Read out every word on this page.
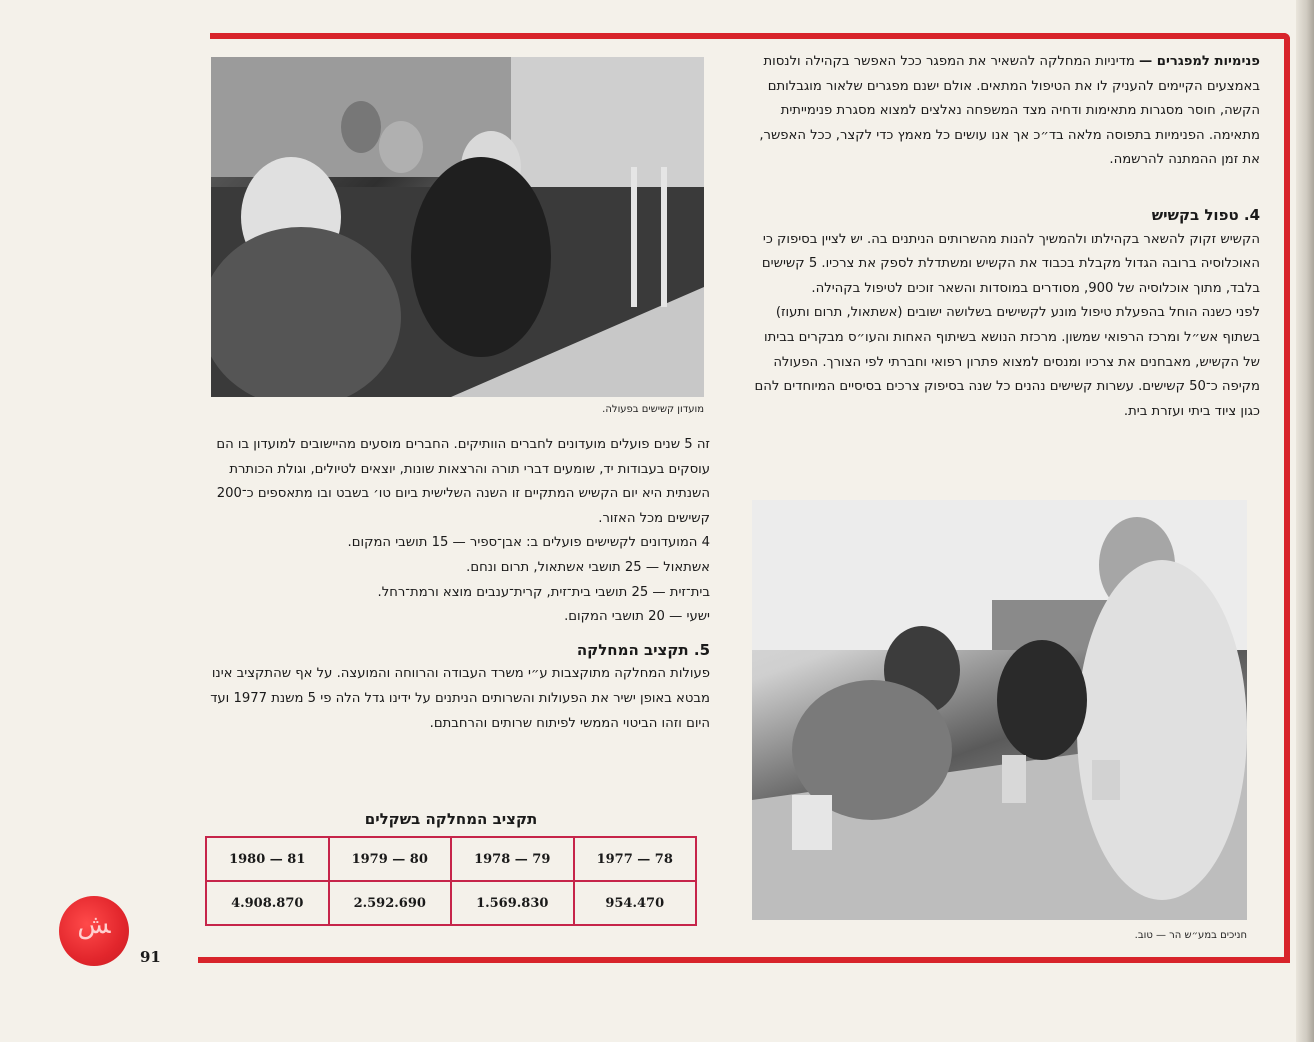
מועדון קשישים בפעולה.

פנימיות למפגרים — מדיניות המחלקה להשאיר את המפגר ככל האפשר בקהילה ולנסות באמצעים הקיימים להעניק לו את הטיפול המתאים. אולם ישנם מפגרים שלאור מוגבלותם הקשה, חוסר מסגרות מתאימות ודחיה מצד המשפחה נאלצים למצוא מסגרת פנימייתית מתאימה. הפנימיות בתפוסה מלאה בד״כ אך אנו עושים כל מאמץ כדי לקצר, ככל האפשר, את זמן ההמתנה להרשמה.

4. טפול בקשיש

הקשיש זקוק להשאר בקהילתו ולהמשיך להנות מהשרותים הניתנים בה. יש לציין בסיפוק כי האוכלוסיה ברובה הגדול מקבלת בכבוד את הקשיש ומשתדלת לספק את צרכיו. 5 קשישים בלבד, מתוך אוכלוסיה של 900, מסודרים במוסדות והשאר זוכים לטיפול בקהילה.

לפני כשנה הוחל בהפעלת טיפול מונע לקשישים בשלושה ישובים (אשתאול, תרום ותעוז) בשתוף אש״ל ומרכז הרפואי שמשון. מרכזת הנושא בשיתוף האחות והעו״ס מבקרים בביתו של הקשיש, מאבחנים את צרכיו ומנסים למצוא פתרון רפואי וחברתי לפי הצורך. הפעולה מקיפה כ־50 קשישים. עשרות קשישים נהנים כל שנה בסיפוק צרכים בסיסיים המיוחדים להם כגון ציוד ביתי ועזרת בית.

חניכים במע״ש הר — טוב.

זה 5 שנים פועלים מועדונים לחברים הוותיקים. החברים מוסעים מהיישובים למועדון בו הם עוסקים בעבודות יד, שומעים דברי תורה והרצאות שונות, יוצאים לטיולים, וגולת הכותרת השנתית היא יום הקשיש המתקיים זו השנה השלישית ביום טו׳ בשבט ובו מתאספים כ־200 קשישים מכל האזור.

4 המועדונים לקשישים פועלים ב: אבן־ספיר — 15 תושבי המקום.

אשתאול — 25 תושבי אשתאול, תרום ונחם.

בית־זית — 25 תושבי בית־זית, קרית־ענבים מוצא ורמת־רחל.

ישעי — 20 תושבי המקום.

5. תקציב המחלקה

פעולות המחלקה מתוקצבות ע״י משרד העבודה והרווחה והמועצה. על אף שהתקציב אינו מבטא באופן ישיר את הפעולות והשרותים הניתנים על ידינו גדל הלה פי 5 משנת 1977 ועד היום וזהו הביטוי הממשי לפיתוח שרותים והרחבתם.

תקציב המחלקה בשקלים
1977 — 78	1978 — 79	1979 — 80	1980 — 81
954.470	1.569.830	2.592.690	4.908.870
ﺶ
91
